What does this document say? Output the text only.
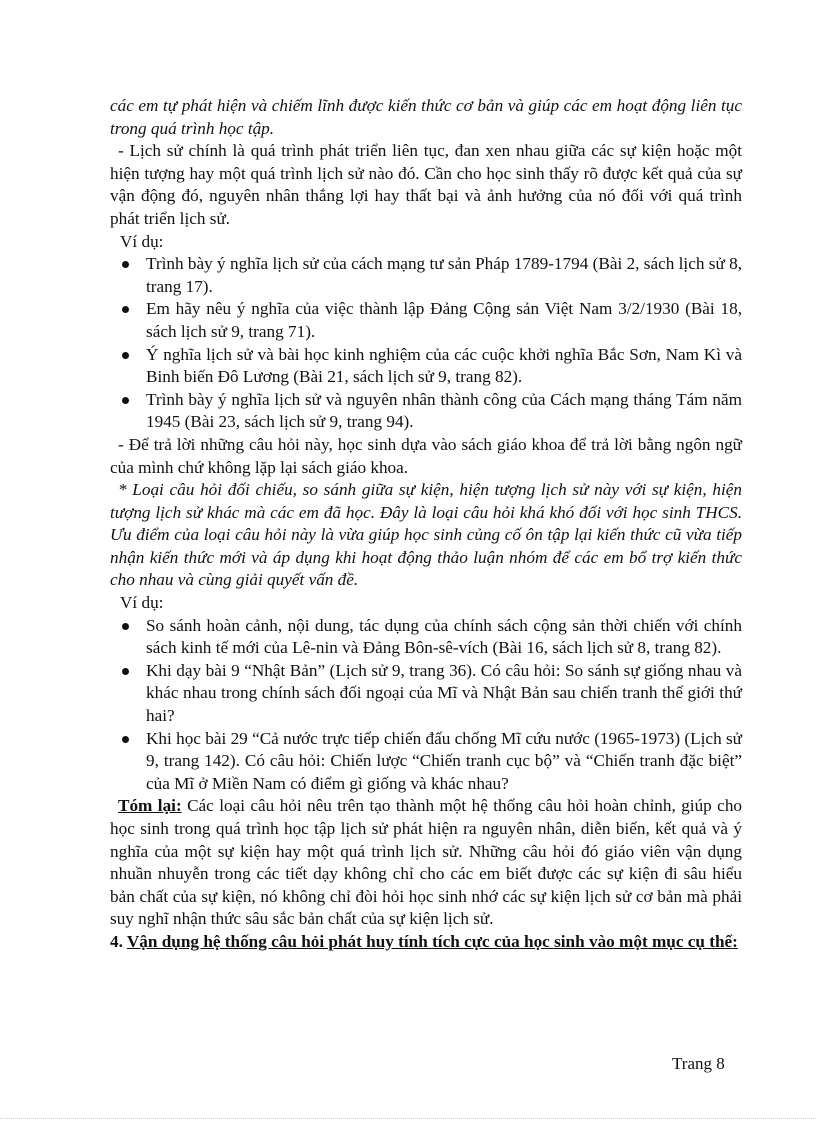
các em tự phát hiện và chiếm lĩnh được kiến thức cơ bản và giúp các em hoạt động liên tục trong quá trình học tập.

- Lịch sử chính là quá trình phát triển liên tục, đan xen nhau giữa các sự kiện hoặc một hiện tượng hay một quá trình lịch sử nào đó. Cần cho học sinh thấy rõ được kết quả của sự vận động đó, nguyên nhân thắng lợi hay thất bại và ảnh hưởng của nó đối với quá trình phát triển lịch sử.

Ví dụ:

Trình bày ý nghĩa lịch sử của cách mạng tư sản Pháp 1789-1794 (Bài 2, sách lịch sử 8, trang 17).
Em hãy nêu ý nghĩa của việc thành lập Đảng Cộng sản Việt Nam 3/2/1930 (Bài 18, sách lịch sử 9, trang 71).
Ý nghĩa lịch sử và bài học kinh nghiệm của các cuộc khởi nghĩa Bắc Sơn, Nam Kì và Binh biến Đô Lương (Bài 21, sách lịch sử 9, trang 82).
Trình bày ý nghĩa lịch sử và nguyên nhân thành công của Cách mạng tháng Tám năm 1945 (Bài 23, sách lịch sử 9, trang 94).

- Để trả lời những câu hỏi này, học sinh dựa vào sách giáo khoa để trả lời bằng ngôn ngữ của mình chứ không lặp lại sách giáo khoa.

* Loại câu hỏi đối chiếu, so sánh giữa sự kiện, hiện tượng lịch sử này với sự kiện, hiện tượng lịch sử khác mà các em đã học. Đây là loại câu hỏi khá khó đối với học sinh THCS. Ưu điểm của loại câu hỏi này là vừa giúp học sinh củng cố ôn tập lại kiến thức cũ vừa tiếp nhận kiến thức mới và áp dụng khi hoạt động thảo luận nhóm để các em bổ trợ kiến thức cho nhau và cùng giải quyết vấn đề.

Ví dụ:

So sánh hoàn cảnh, nội dung, tác dụng của chính sách cộng sản thời chiến với chính sách kinh tế mới của Lê-nin và Đảng Bôn-sê-vích (Bài 16, sách lịch sử 8, trang 82).
Khi dạy bài 9 “Nhật Bản” (Lịch sử 9, trang 36). Có câu hỏi: So sánh sự giống nhau và khác nhau trong chính sách đối ngoại của Mĩ và Nhật Bản sau chiến tranh thế giới thứ hai?
Khi học bài 29 “Cả nước trực tiếp chiến đấu chống Mĩ cứu nước (1965-1973) (Lịch sử 9, trang 142). Có câu hỏi: Chiến lược “Chiến tranh cục bộ” và “Chiến tranh đặc biệt” của Mĩ ở Miền Nam có điểm gì giống và khác nhau?

Tóm lại: Các loại câu hỏi nêu trên tạo thành một hệ thống câu hỏi hoàn chỉnh, giúp cho học sinh trong quá trình học tập lịch sử phát hiện ra nguyên nhân, diễn biến, kết quả và ý nghĩa của một sự kiện hay một quá trình lịch sử. Những câu hỏi đó giáo viên vận dụng nhuần nhuyễn trong các tiết dạy không chỉ cho các em biết được các sự kiện đi sâu hiểu bản chất của sự kiện, nó không chỉ đòi hỏi học sinh nhớ các sự kiện lịch sử cơ bản mà phải suy nghĩ nhận thức sâu sắc bản chất của sự kiện lịch sử.

4. Vận dụng hệ thống câu hỏi phát huy tính tích cực của học sinh vào một mục cụ thể:

Trang 8
